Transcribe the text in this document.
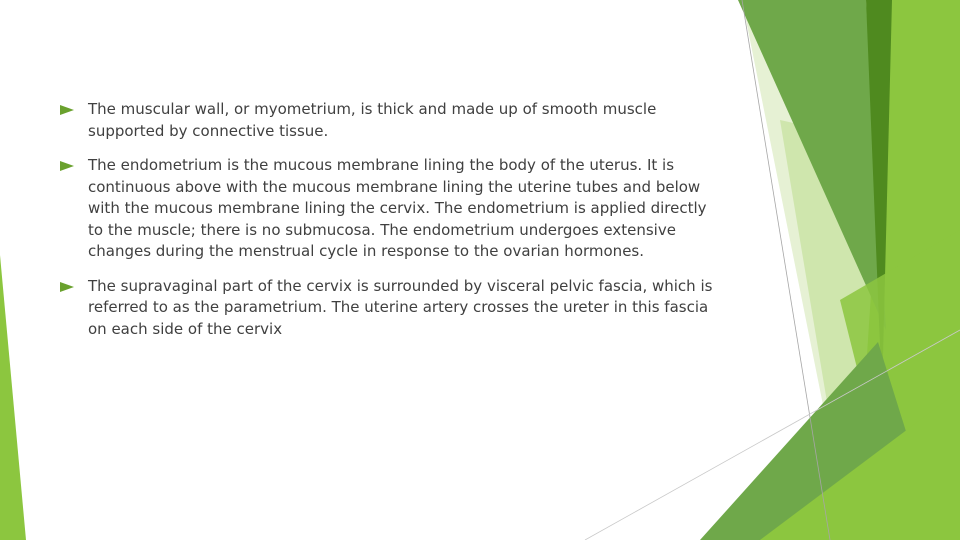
The muscular wall, or myometrium, is thick and made up of smooth muscle supported by connective tissue.
The endometrium is the mucous membrane lining the body of the uterus. It is continuous above with the mucous membrane lining the uterine tubes and below with the mucous membrane lining the cervix. The endometrium is applied directly to the muscle; there is no submucosa. The endometrium undergoes extensive changes during the menstrual cycle in response to the ovarian hormones.
The supravaginal part of the cervix is surrounded by visceral pelvic fascia, which is referred to as the parametrium. The uterine artery crosses the ureter in this fascia on each side of the cervix
